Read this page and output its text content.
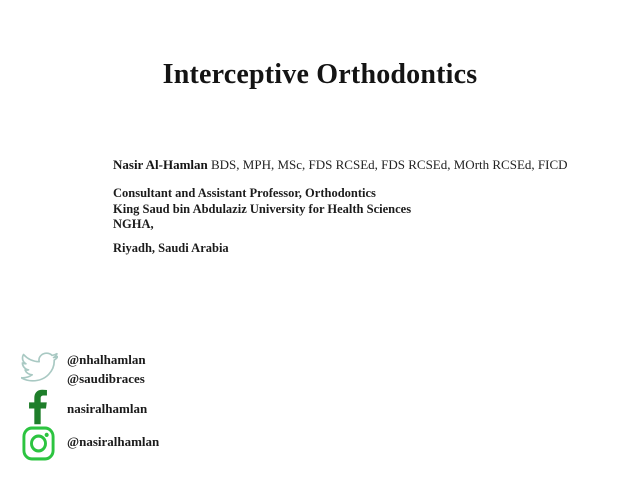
Interceptive Orthodontics
Nasir Al-Hamlan BDS, MPH, MSc, FDS RCSEd, FDS RCSEd, MOrth RCSEd, FICD
Consultant and Assistant Professor, Orthodontics
King Saud bin Abdulaziz University for Health Sciences
NGHA,
Riyadh, Saudi Arabia
@nhalhamlan
@saudibraces
nasiralhamlan
@nasiralhamlan
